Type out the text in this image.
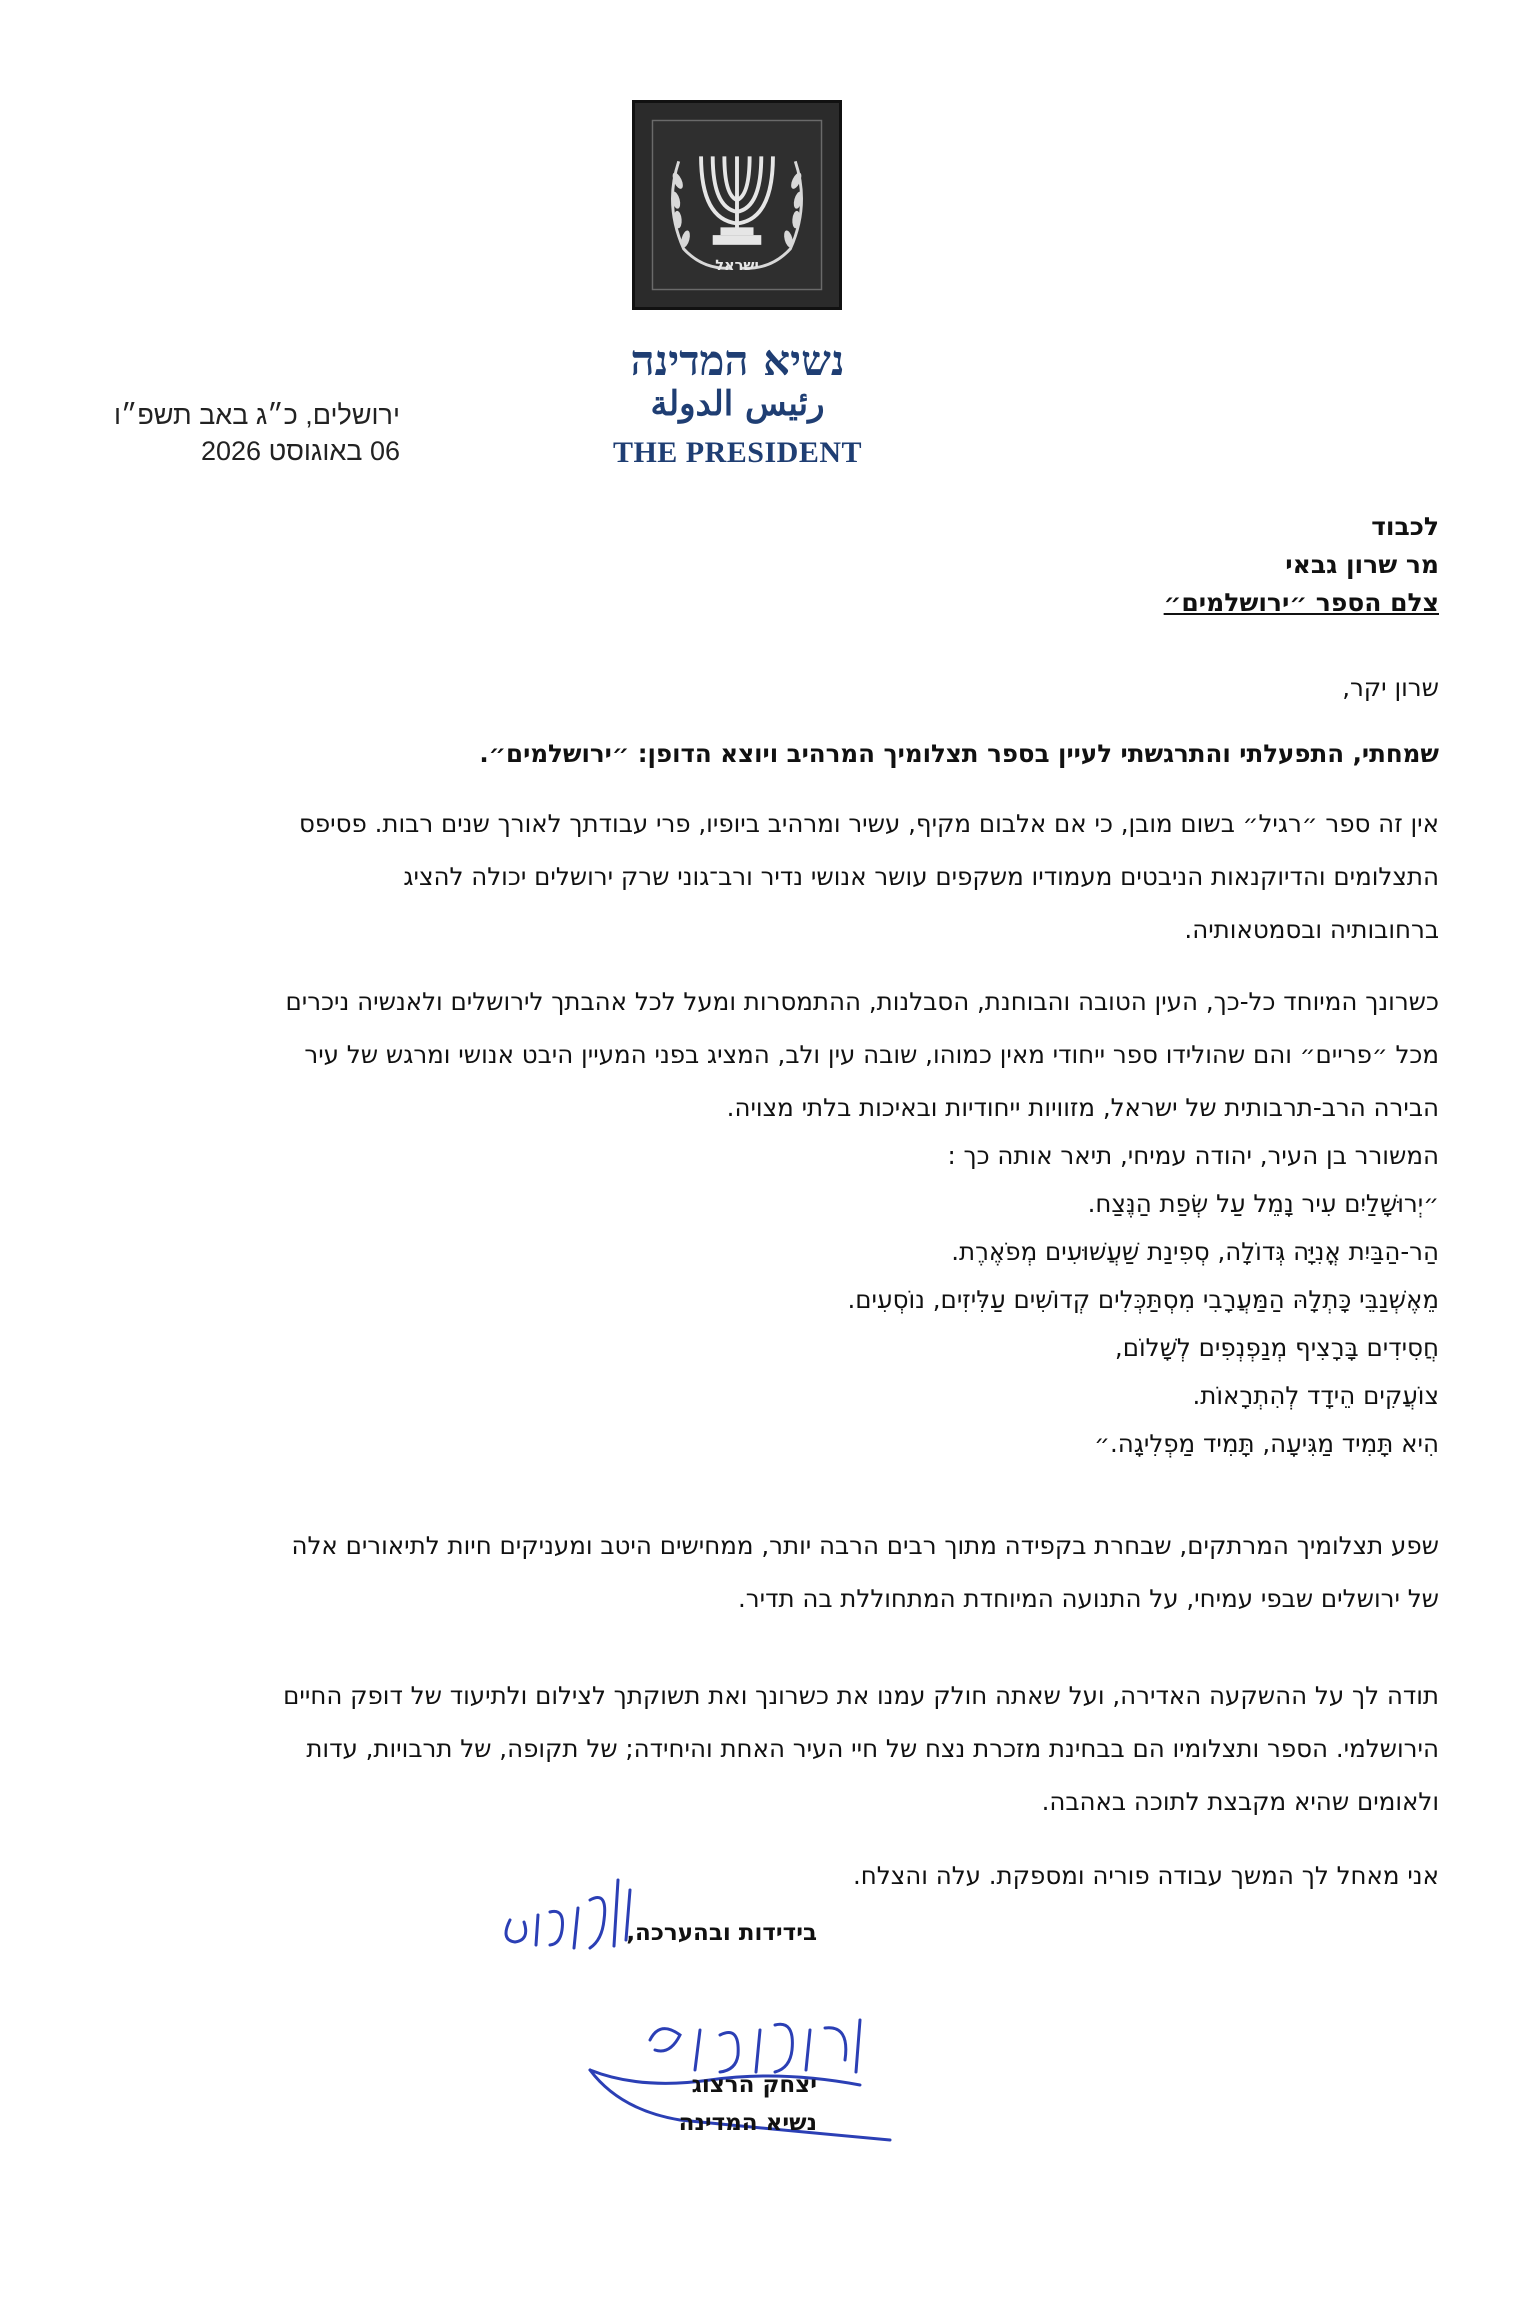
ישראל
נשיא המדינה
رئيس الدولة
THE PRESIDENT
ירושלים, כ״ג באב תשפ״ו
06 באוגוסט 2026
לכבוד
מר שרון גבאי
צלם הספר ״ירושלמים״
שרון יקר,
שמחתי, התפעלתי והתרגשתי לעיין בספר תצלומיך המרהיב ויוצא הדופן: ״ירושלמים״.
אין זה ספר ״רגיל״ בשום מובן, כי אם אלבום מקיף, עשיר ומרהיב ביופיו, פרי עבודתך לאורך שנים רבות. פסיפס
התצלומים והדיוקנאות הניבטים מעמודיו משקפים עושר אנושי נדיר ורב־גוני שרק ירושלים יכולה להציג
ברחובותיה ובסמטאותיה.
כשרונך המיוחד כל-כך, העין הטובה והבוחנת, הסבלנות, ההתמסרות ומעל לכל אהבתך לירושלים ולאנשיה ניכרים
מכל ״פריים״ והם שהולידו ספר ייחודי מאין כמוהו, שובה עין ולב, המציג בפני המעיין היבט אנושי ומרגש של עיר
הבירה הרב-תרבותית של ישראל, מזוויות ייחודיות ובאיכות בלתי מצויה.
המשורר בן העיר, יהודה עמיחי, תיאר אותה כך :
״יְרוּשָׁלַיִם עִיר נָמֵל עַל שְׂפַת הַנֶּצַח.
הַר-הַבַּיִת אֳנִיָּה גְּדוֹלָה, סְפִינַת שַׁעֲשׁוּעִים מְפֹאֶרֶת.
מֵאֶשְׁנַבֵּי כָּתְלָהּ הַמַּעֲרָבִי מִסְתַּכְּלִים קְדוֹשִׁים עַלִּיזִים, נוֹסְעִים.
חֲסִידִים בָּרָצִיף מְנַפְנְפִים לְשָׁלוֹם,
צוֹעֲקִים הֵידָד לְהִתְרָאוֹת.
הִיא תָּמִיד מַגִּיעָה, תָּמִיד מַפְלִיגָה.״
שפע תצלומיך המרתקים, שבחרת בקפידה מתוך רבים הרבה יותר, ממחישים היטב ומעניקים חיות לתיאורים אלה
של ירושלים שבפי עמיחי, על התנועה המיוחדת המתחוללת בה תדיר.
תודה לך על ההשקעה האדירה, ועל שאתה חולק עמנו את כשרונך ואת תשוקתך לצילום ולתיעוד של דופק החיים
הירושלמי. הספר ותצלומיו הם בבחינת מזכרת נצח של חיי העיר האחת והיחידה; של תקופה, של תרבויות, עדות
ולאומים שהיא מקבצת לתוכה באהבה.
אני מאחל לך המשך עבודה פוריה ומספקת. עלה והצלח.
בידידות ובהערכה,
יצחק הרצוג
נשיא המדינה
